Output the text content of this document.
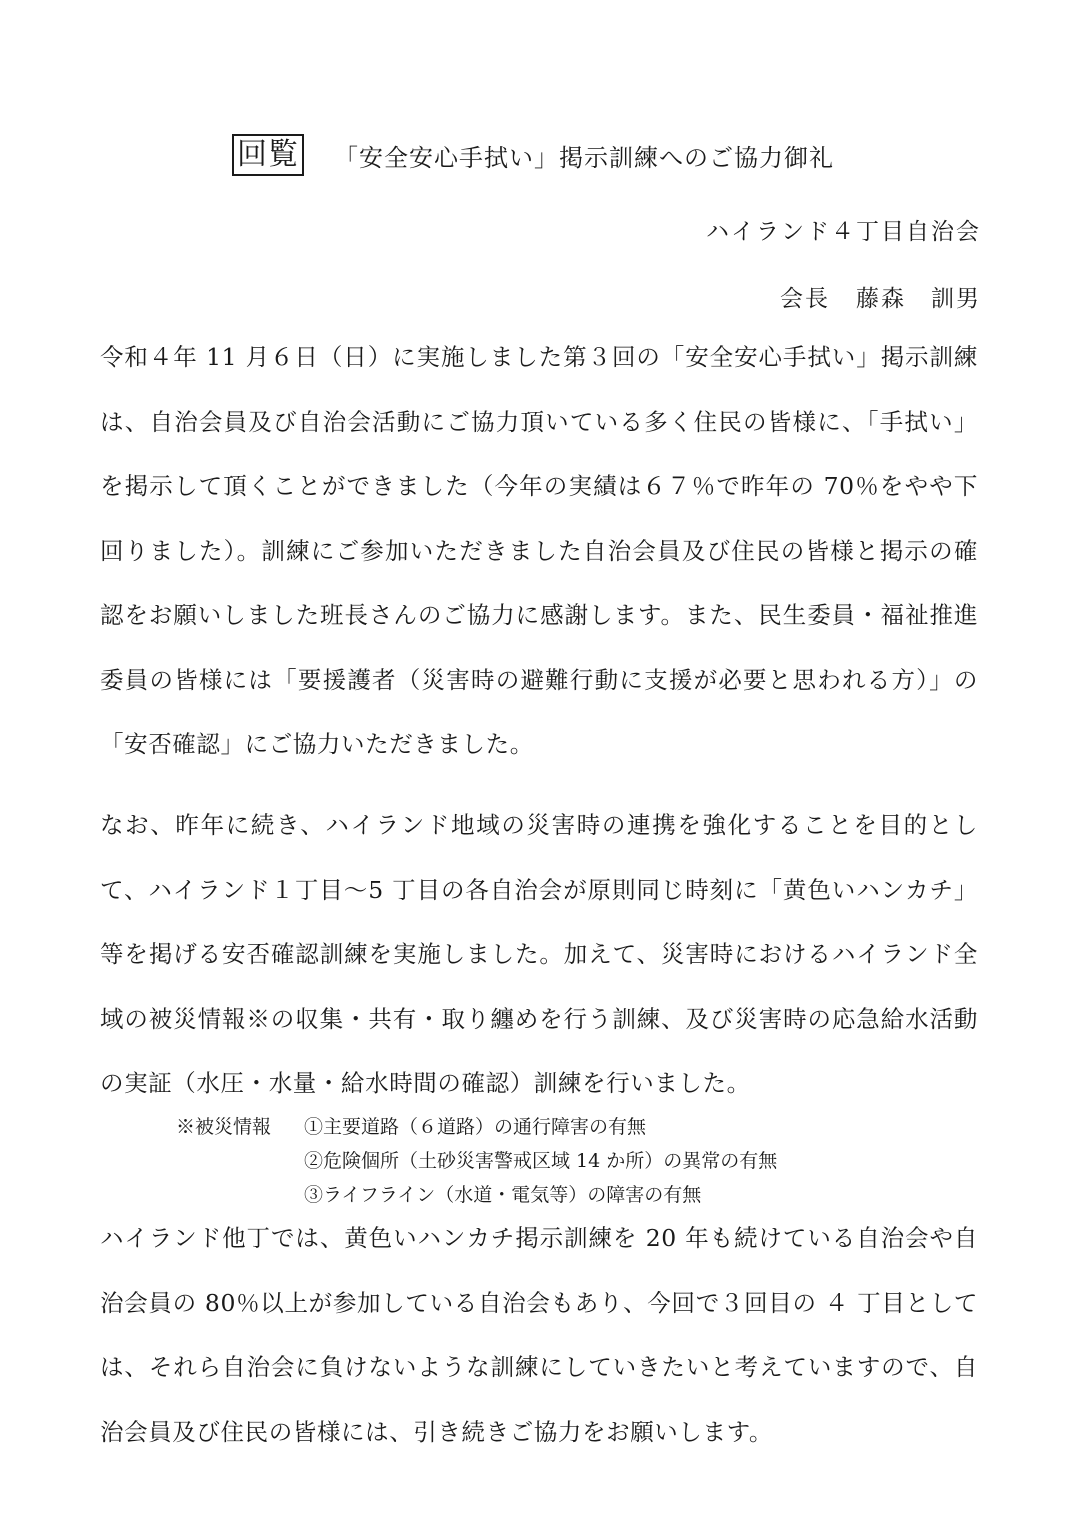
回覧 「安全安心手拭い」掲示訓練へのご協力御礼
ハイランド４丁目自治会
会長 藤森　訓男

令和４年 11 月６日（日）に実施しました第３回の「安全安心手拭い」掲示訓練は、自治会員及び自治会活動にご協力頂いている多く住民の皆様に、「手拭い」を掲示して頂くことができました（今年の実績は６７％で昨年の 70％をやや下回りました）。訓練にご参加いただきました自治会員及び住民の皆様と掲示の確認をお願いしました班長さんのご協力に感謝します。また、民生委員・福祉推進委員の皆様には「要援護者（災害時の避難行動に支援が必要と思われる方）」の「安否確認」にご協力いただきました。

なお、昨年に続き、ハイランド地域の災害時の連携を強化することを目的として、ハイランド１丁目～5 丁目の各自治会が原則同じ時刻に「黄色いハンカチ」等を掲げる安否確認訓練を実施しました。加えて、災害時におけるハイランド全域の被災情報※の収集・共有・取り纏めを行う訓練、及び災害時の応急給水活動の実証（水圧・水量・給水時間の確認）訓練を行いました。

※被災情報	①主要道路（６道路）の通行障害の有無
②危険個所（土砂災害警戒区域 14 か所）の異常の有無
③ライフライン（水道・電気等）の障害の有無

ハイランド他丁では、黄色いハンカチ掲示訓練を 20 年も続けている自治会や自治会員の 80％以上が参加している自治会もあり、今回で３回目の ４ 丁目としては、それら自治会に負けないような訓練にしていきたいと考えていますので、自治会員及び住民の皆様には、引き続きご協力をお願いします。
